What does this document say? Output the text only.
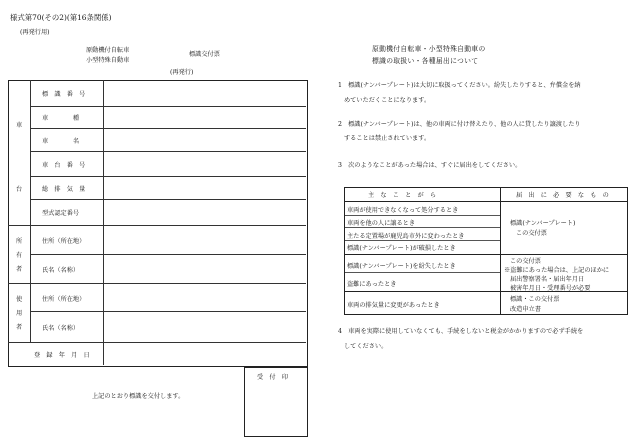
様式第70(その2)(第16条関係)
(再発行用)
原動機付自転車
小型特殊自動車
標識交付票
(再発行)
車
台
所
有
者
使
用
者
標　識　番　号
車　　　　種
車　　　　名
車　台　番　号
総　排　気　量
型式認定番号
住所（所在地）
氏名（名称）
住所（所在地）
氏名（名称）
登　録　年　月　日
受　付　印
上記のとおり標識を交付します。
原動機付自転車・小型特殊自動車の
標識の取扱い・各種届出について
1　標識(ナンバープレート)は大切に取扱ってください。紛失したりすると、弁償金を納
めていただくことになります。
2　標識(ナンバープレート)は、他の車両に付け替えたり、他の人に貸したり譲渡したり
することは禁止されています。
3　次のようなことがあった場合は、すぐに届出をしてください。
主　な　こ　と　が　ら	届　出　に　必　要　な　も　の
車両が使用できなくなって処分するとき
車両を他の人に譲るとき
主たる定置場が鹿児島市外に変わったとき
標識(ナンバープレート)が破損したとき
標識(ナンバープレート)を紛失したとき
盗難にあったとき
車両の排気量に変更があったとき
標識(ナンバープレート)
この交付票
この交付票
※盗難にあった場合は、上記のほかに
届出警察署名・届出年月日
被害年月日・受理番号が必要
標識・この交付票
改造申立書
4　車両を実際に使用していなくても、手続をしないと税金がかかりますので必ず手続を
してください。
